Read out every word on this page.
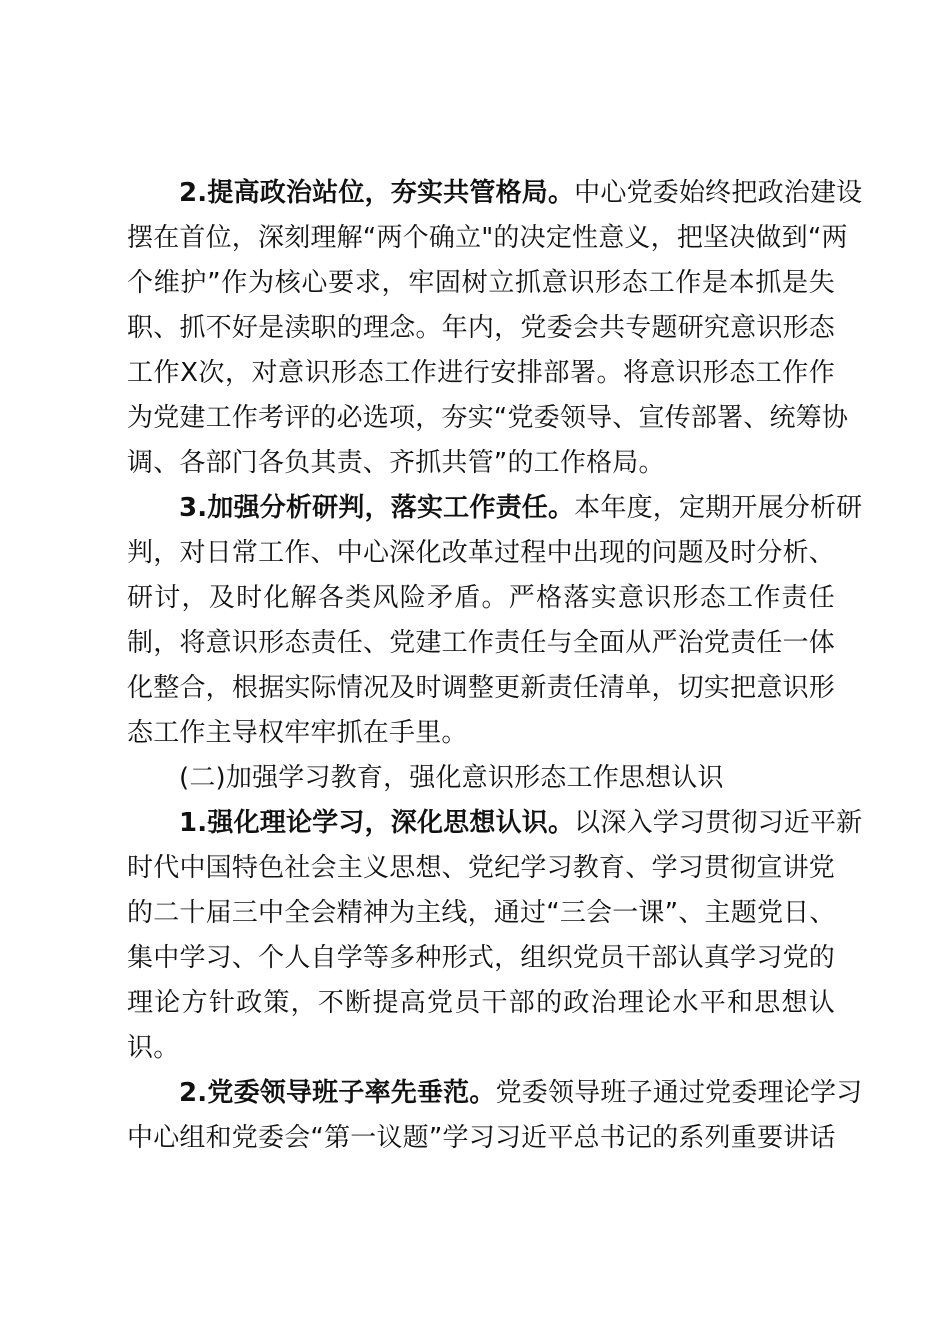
2.提高政治站位，夯实共管格局。中心党委始终把政治建设
摆在首位，深刻理解“两个确立"的决定性意义，把坚决做到“两
个维护”作为核心要求，牢固树立抓意识形态工作是本抓是失
职、抓不好是渎职的理念。年内，党委会共专题研究意识形态
工作Ⅹ次，对意识形态工作进行安排部署。将意识形态工作作
为党建工作考评的必选项，夯实“党委领导、宣传部署、统筹协
调、各部门各负其责、齐抓共管”的工作格局。
3.加强分析研判，落实工作责任。本年度，定期开展分析研
判，对日常工作、中心深化改革过程中出现的问题及时分析、
研讨，及时化解各类风险矛盾。严格落实意识形态工作责任
制，将意识形态责任、党建工作责任与全面从严治党责任一体
化整合，根据实际情况及时调整更新责任清单，切实把意识形
态工作主导权牢牢抓在手里。
(二)加强学习教育，强化意识形态工作思想认识
1.强化理论学习，深化思想认识。以深入学习贯彻习近平新
时代中国特色社会主义思想、党纪学习教育、学习贯彻宣讲党
的二十届三中全会精神为主线，通过“三会一课”、主题党日、
集中学习、个人自学等多种形式，组织党员干部认真学习党的
理论方针政策，不断提高党员干部的政治理论水平和思想认
识。
2.党委领导班子率先垂范。党委领导班子通过党委理论学习
中心组和党委会“第一议题”学习习近平总书记的系列重要讲话
